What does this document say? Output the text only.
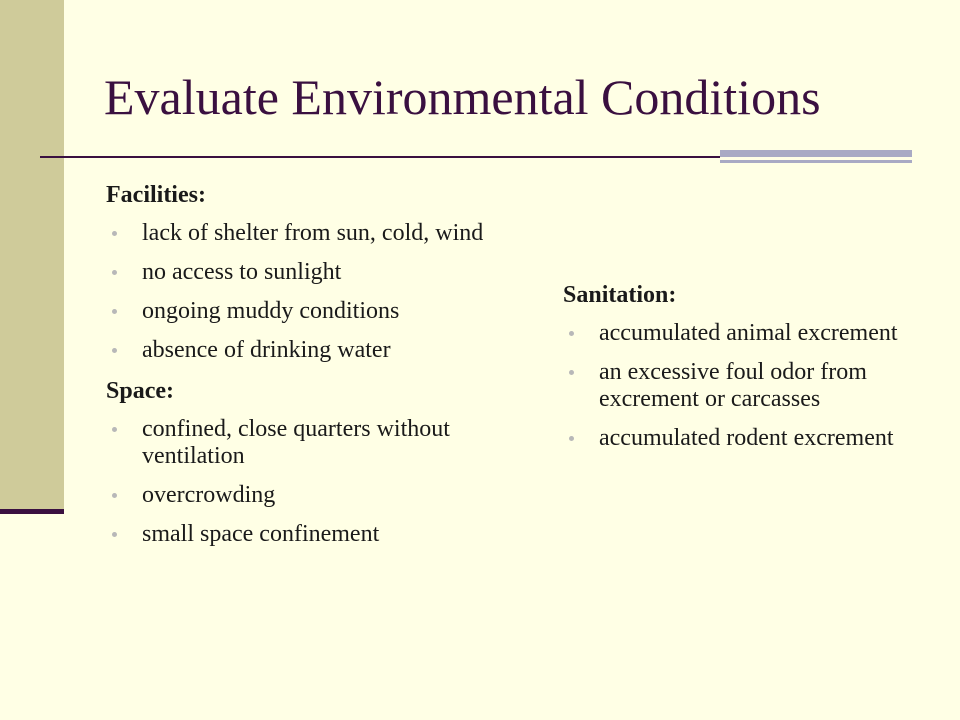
Evaluate Environmental Conditions

Facilities:

lack of shelter from sun, cold, wind
no access to sunlight
ongoing muddy conditions
absence of drinking water

Space:

confined, close quarters without ventilation
overcrowding
small space confinement

Sanitation:

accumulated animal excrement
an excessive foul odor from excrement or carcasses
accumulated rodent excrement
